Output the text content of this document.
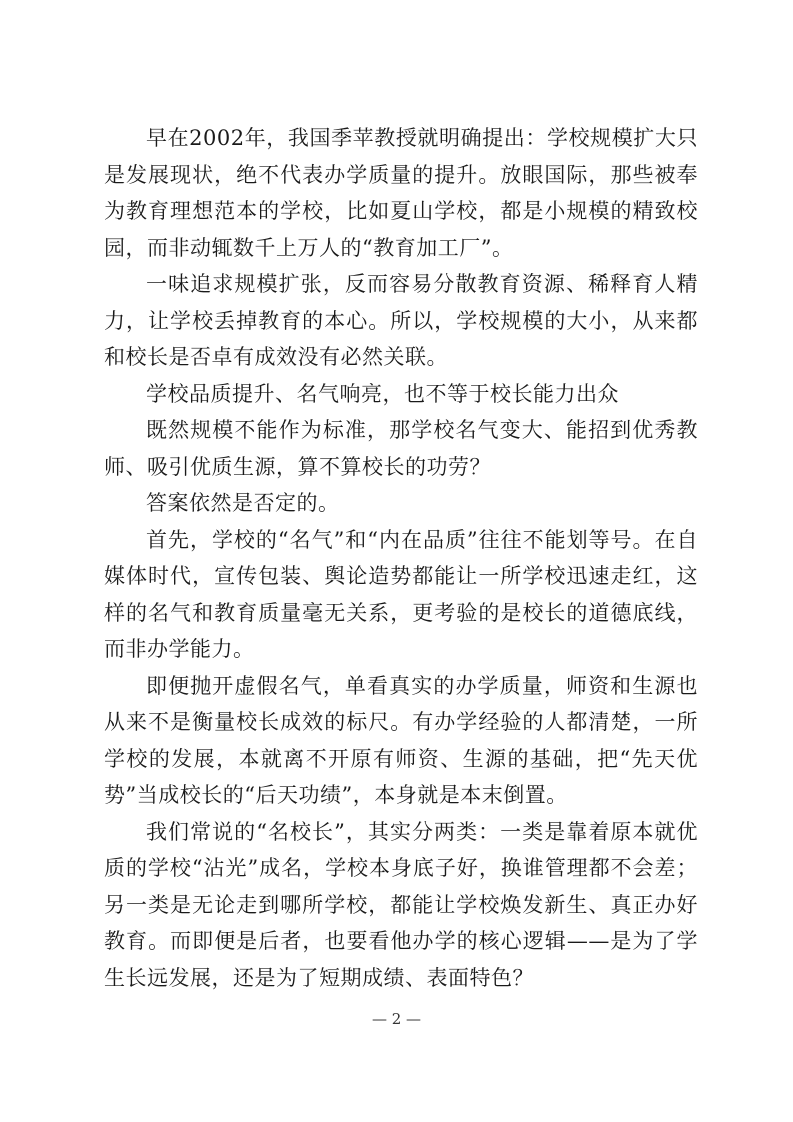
早在2002年，我国季苹教授就明确提出：学校规模扩大只是发展现状，绝不代表办学质量的提升。放眼国际，那些被奉为教育理想范本的学校，比如夏山学校，都是小规模的精致校园，而非动辄数千上万人的“教育加工厂”。

一味追求规模扩张，反而容易分散教育资源、稀释育人精力，让学校丢掉教育的本心。所以，学校规模的大小，从来都和校长是否卓有成效没有必然关联。

学校品质提升、名气响亮，也不等于校长能力出众

既然规模不能作为标准，那学校名气变大、能招到优秀教师、吸引优质生源，算不算校长的功劳？

答案依然是否定的。

首先，学校的“名气”和“内在品质”往往不能划等号。在自媒体时代，宣传包装、舆论造势都能让一所学校迅速走红，这样的名气和教育质量毫无关系，更考验的是校长的道德底线，而非办学能力。

即便抛开虚假名气，单看真实的办学质量，师资和生源也从来不是衡量校长成效的标尺。有办学经验的人都清楚，一所学校的发展，本就离不开原有师资、生源的基础，把“先天优势”当成校长的“后天功绩”，本身就是本末倒置。

我们常说的“名校长”，其实分两类：一类是靠着原本就优质的学校“沾光”成名，学校本身底子好，换谁管理都不会差；另一类是无论走到哪所学校，都能让学校焕发新生、真正办好教育。而即便是后者，也要看他办学的核心逻辑——是为了学生长远发展，还是为了短期成绩、表面特色？

— 2 —
